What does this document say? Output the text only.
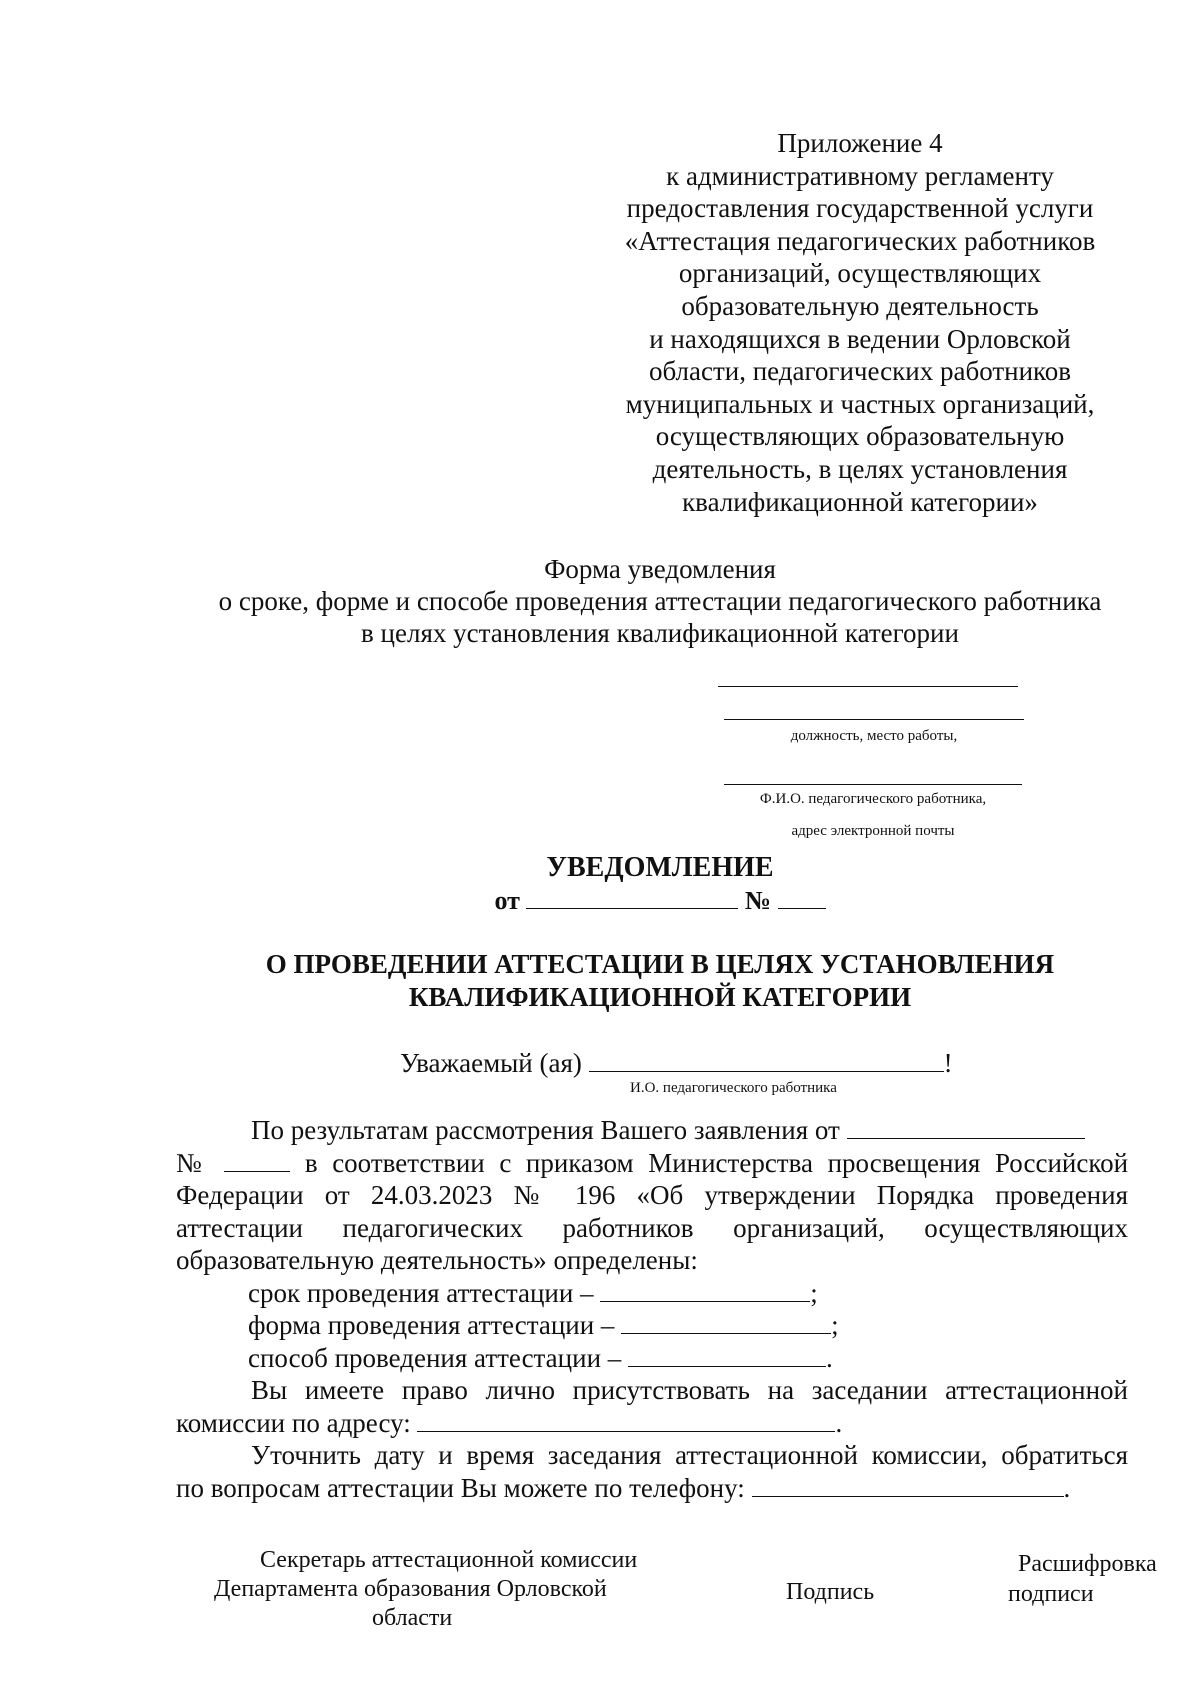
Приложение 4
к административному регламенту
предоставления государственной услуги
«Аттестация педагогических работников
организаций, осуществляющих
образовательную деятельность
и находящихся в ведении Орловской
области, педагогических работников
муниципальных и частных организаций,
осуществляющих образовательную
деятельность, в целях установления
квалификационной категории»
Форма уведомления
о сроке, форме и способе проведения аттестации педагогического работника
в целях установления квалификационной категории
должность, место работы,
Ф.И.О. педагогического работника,
адрес электронной почты
УВЕДОМЛЕНИЕ
от	№
О ПРОВЕДЕНИИ АТТЕСТАЦИИ В ЦЕЛЯХ УСТАНОВЛЕНИЯ
КВАЛИФИКАЦИОННОЙ КАТЕГОРИИ
Уважаемый (ая)	!
И.О. педагогического работника
По результатам рассмотрения Вашего заявления от
№	в соответствии с приказом Министерства просвещения Российской
Федерации от 24.03.2023 № 196 «Об утверждении Порядка проведения
аттестации педагогических работников организаций, осуществляющих
образовательную деятельность» определены:
срок проведения аттестации –	;
форма проведения аттестации –	;
способ проведения аттестации –	.
Вы имеете право лично присутствовать на заседании аттестационной
комиссии по адресу:	.
Уточнить дату и время заседания аттестационной комиссии, обратиться
по вопросам аттестации Вы можете по телефону:	.
Секретарь аттестационной комиссии
Департамента образования Орловской
области
Подпись
Расшифровка
подписи
